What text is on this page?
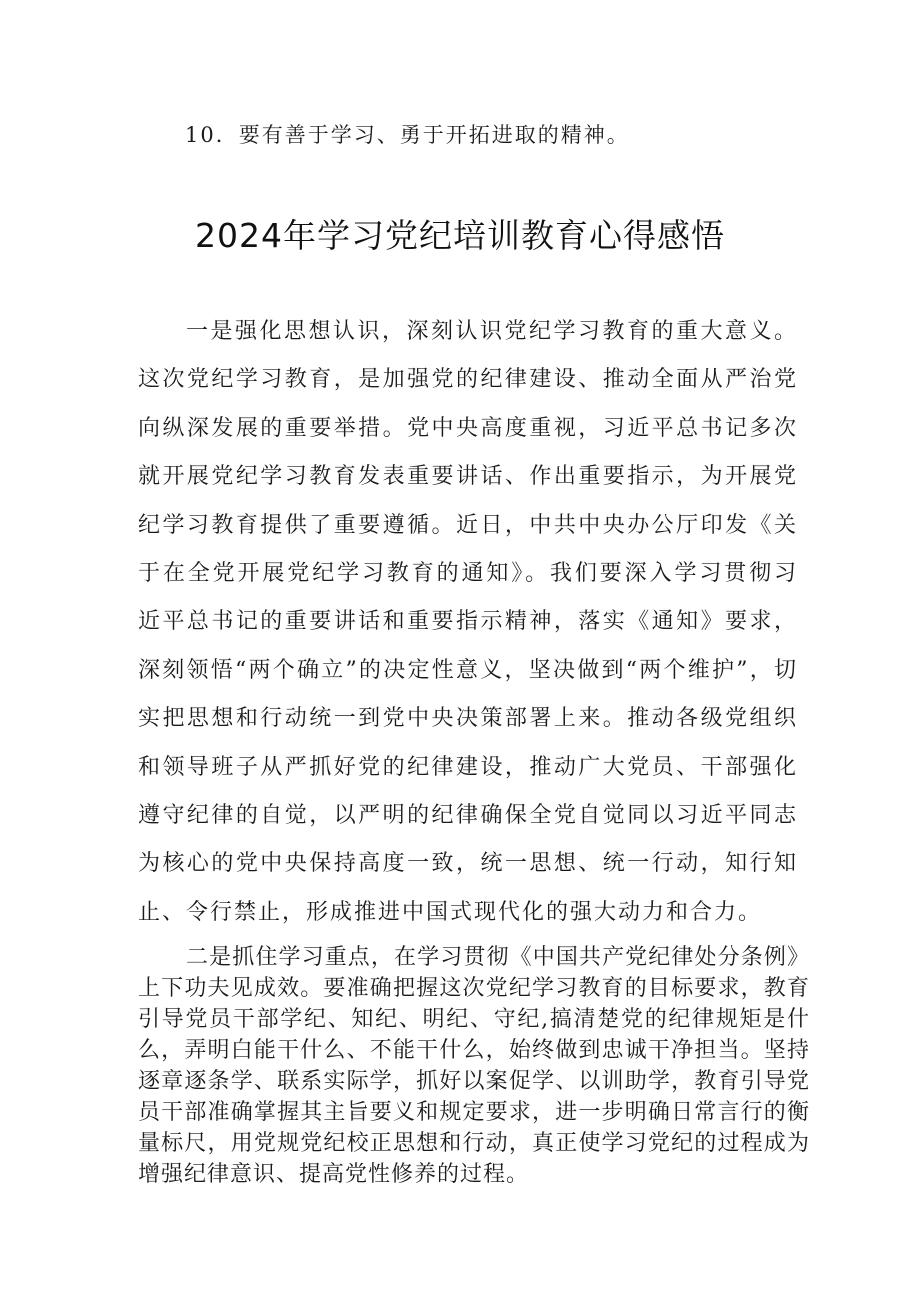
10．要有善于学习、勇于开拓进取的精神。
2024年学习党纪培训教育心得感悟

一是强化思想认识，深刻认识党纪学习教育的重大意义。这次党纪学习教育，是加强党的纪律建设、推动全面从严治党向纵深发展的重要举措。党中央高度重视，习近平总书记多次就开展党纪学习教育发表重要讲话、作出重要指示，为开展党纪学习教育提供了重要遵循。近日，中共中央办公厅印发《关于在全党开展党纪学习教育的通知》。我们要深入学习贯彻习近平总书记的重要讲话和重要指示精神，落实《通知》要求，深刻领悟“两个确立”的决定性意义，坚决做到“两个维护”，切实把思想和行动统一到党中央决策部署上来。推动各级党组织和领导班子从严抓好党的纪律建设，推动广大党员、干部强化遵守纪律的自觉，以严明的纪律确保全党自觉同以习近平同志为核心的党中央保持高度一致，统一思想、统一行动，知行知止、令行禁止，形成推进中国式现代化的强大动力和合力。

二是抓住学习重点，在学习贯彻《中国共产党纪律处分条例》上下功夫见成效。要准确把握这次党纪学习教育的目标要求，教育引导党员干部学纪、知纪、明纪、守纪,搞清楚党的纪律规矩是什么，弄明白能干什么、不能干什么，始终做到忠诚干净担当。坚持逐章逐条学、联系实际学，抓好以案促学、以训助学，教育引导党员干部准确掌握其主旨要义和规定要求，进一步明确日常言行的衡量标尺，用党规党纪校正思想和行动，真正使学习党纪的过程成为增强纪律意识、提高党性修养的过程。
